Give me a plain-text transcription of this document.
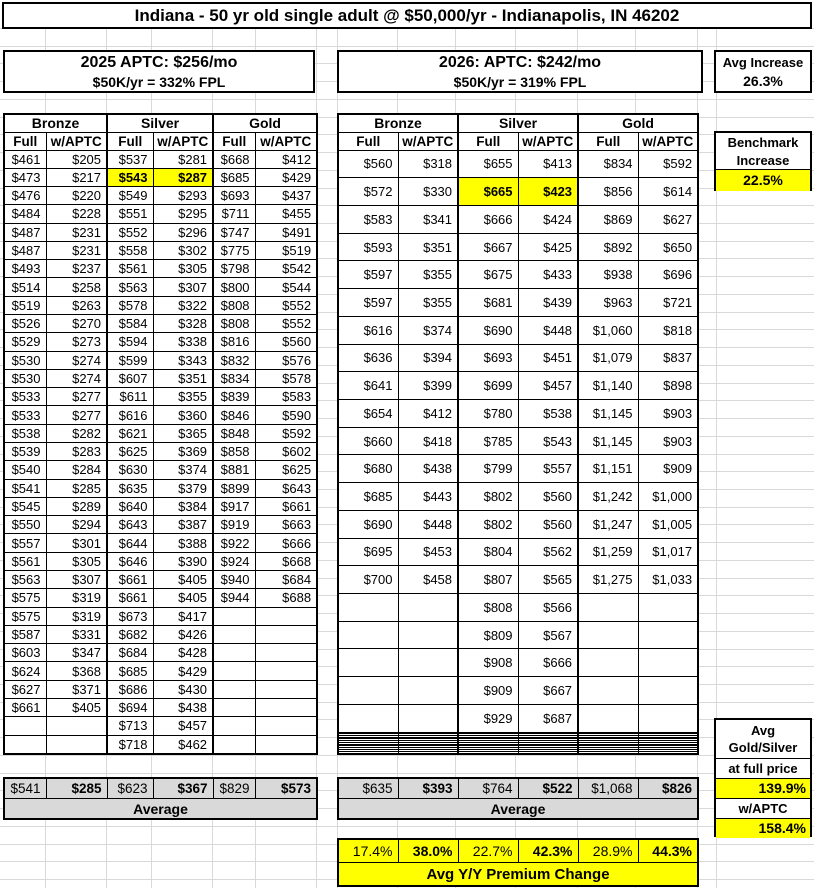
Indiana - 50 yr old single adult @ $50,000/yr - Indianapolis, IN 46202
2025 APTC: $256/mo
$50K/yr = 332% FPL
2026: APTC: $242/mo
$50K/yr = 319% FPL
Avg Increase
26.3%
Benchmark
Increase
22.5%
Bronze		Silver		Gold	
Full	w/APTC	Full	w/APTC	Full	w/APTC
$461	$205	$537	$281	$668	$412
$473	$217	$543	$287	$685	$429
$476	$220	$549	$293	$693	$437
$484	$228	$551	$295	$711	$455
$487	$231	$552	$296	$747	$491
$487	$231	$558	$302	$775	$519
$493	$237	$561	$305	$798	$542
$514	$258	$563	$307	$800	$544
$519	$263	$578	$322	$808	$552
$526	$270	$584	$328	$808	$552
$529	$273	$594	$338	$816	$560
$530	$274	$599	$343	$832	$576
$530	$274	$607	$351	$834	$578
$533	$277	$611	$355	$839	$583
$533	$277	$616	$360	$846	$590
$538	$282	$621	$365	$848	$592
$539	$283	$625	$369	$858	$602
$540	$284	$630	$374	$881	$625
$541	$285	$635	$379	$899	$643
$545	$289	$640	$384	$917	$661
$550	$294	$643	$387	$919	$663
$557	$301	$644	$388	$922	$666
$561	$305	$646	$390	$924	$668
$563	$307	$661	$405	$940	$684
$575	$319	$661	$405	$944	$688
$575	$319	$673	$417		
$587	$331	$682	$426		
$603	$347	$684	$428		
$624	$368	$685	$429		
$627	$371	$686	$430		
$661	$405	$694	$438		
		$713	$457		
		$718	$462		
Bronze		Silver		Gold	
Full	w/APTC	Full	w/APTC	Full	w/APTC
$560	$318	$655	$413	$834	$592
$572	$330	$665	$423	$856	$614
$583	$341	$666	$424	$869	$627
$593	$351	$667	$425	$892	$650
$597	$355	$675	$433	$938	$696
$597	$355	$681	$439	$963	$721
$616	$374	$690	$448	$1,060	$818
$636	$394	$693	$451	$1,079	$837
$641	$399	$699	$457	$1,140	$898
$654	$412	$780	$538	$1,145	$903
$660	$418	$785	$543	$1,145	$903
$680	$438	$799	$557	$1,151	$909
$685	$443	$802	$560	$1,242	$1,000
$690	$448	$802	$560	$1,247	$1,005
$695	$453	$804	$562	$1,259	$1,017
$700	$458	$807	$565	$1,275	$1,033
		$808	$566		
		$809	$567		
		$908	$666		
		$909	$667		
		$929	$687		

$541	$285	$623	$367	$829	$573
Average
$635	$393	$764	$522	$1,068	$826
Average
17.4%	38.0%	22.7%	42.3%	28.9%	44.3%
Avg Y/Y Premium Change
Avg
Gold/Silver
at full price
139.9%
w/APTC
158.4%
